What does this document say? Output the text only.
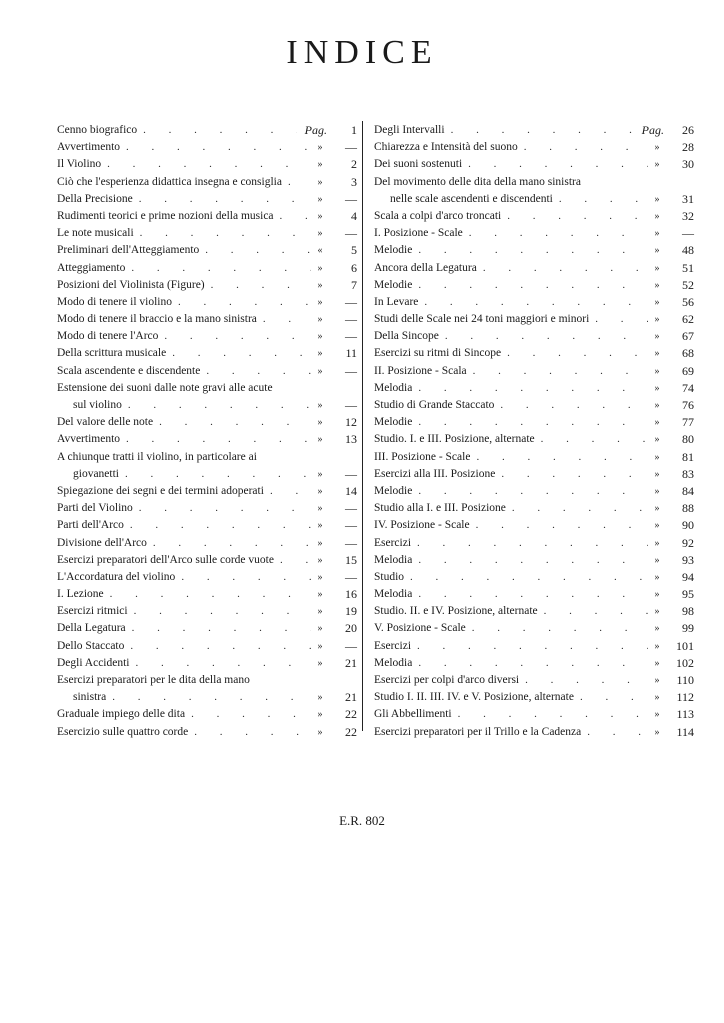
INDICE
Cenno biografico . . .	Pag.	1
Avvertimento . . .	»	—
Il Violino . . .	»	2
Ciò che l'esperienza didattica insegna e consiglia . . .	»	3
Della Precisione . . .	»	—
Rudimenti teorici e prime nozioni della musica . . .	»	4
Le note musicali . . .	»	—
Preliminari dell'Atteggiamento . . .	«	5
Atteggiamento . . .	»	6
Posizioni del Violinista (Figure) . . .	»	7
Modo di tenere il violino . . .	»	—
Modo di tenere il braccio e la mano sinistra . . .	»	—
Modo di tenere l'Arco . . .	»	—
Della scrittura musicale . . .	»	11
Scala ascendente e discendente . . .	»	—
Estensione dei suoni dalle note gravi alle acute
sul violino . . .	»	—
Del valore delle note . . .	»	12
Avvertimento . . .	»	13
A chiunque tratti il violino, in particolare ai
giovanetti . . .	»	—
Spiegazione dei segni e dei termini adoperati . . .	»	14
Parti del Violino . . .	»	—
Parti dell'Arco . . .	»	—
Divisione dell'Arco . . .	»	—
Esercizi preparatori dell'Arco sulle corde vuote . . .	»	15
L'Accordatura del violino . . .	»	—
I. Lezione . . .	»	16
Esercizi ritmici . . .	»	19
Della Legatura . . .	»	20
Dello Staccato . . .	»	—
Degli Accidenti . . .	»	21
Esercizi preparatori per le dita della mano
sinistra . . .	»	21
Graduale impiego delle dita . . .	»	22
Esercizio sulle quattro corde . . .	»	22
Degli Intervalli . . .	Pag.	26
Chiarezza e Intensità del suono . . .	»	28
Dei suoni sostenuti . . .	»	30
Del movimento delle dita della mano sinistra
nelle scale ascendenti e discendenti . . .	»	31
Scala a colpi d'arco troncati . . .	»	32
I. Posizione - Scale . . .	»	—
Melodie . . .	»	48
Ancora della Legatura . . .	»	51
Melodie . . .	»	52
In Levare . . .	»	56
Studi delle Scale nei 24 toni maggiori e minori . . .	»	62
Della Sincope . . .	»	67
Esercizi su ritmi di Sincope . . .	»	68
II. Posizione - Scala . . .	»	69
Melodia . . .	»	74
Studio di Grande Staccato . . .	»	76
Melodie . . .	»	77
Studio. I. e III. Posizione, alternate . . .	»	80
III. Posizione - Scale . . .	»	81
Esercizi alla III. Posizione . . .	»	83
Melodie . . .	»	84
Studio alla I. e III. Posizione . . .	»	88
IV. Posizione - Scale . . .	»	90
Esercizi . . .	»	92
Melodia . . .	»	93
Studio . . .	»	94
Melodia . . .	»	95
Studio. II. e IV. Posizione, alternate . . .	»	98
V. Posizione - Scale . . .	»	99
Esercizi . . .	»	101
Melodia . . .	»	102
Esercizi per colpi d'arco diversi . . .	»	110
Studio I. II. III. IV. e V. Posizione, alternate . . .	»	112
Gli Abbellimenti . . .	»	113
Esercizi preparatori per il Trillo e la Cadenza . . .	»	114
E.R. 802
